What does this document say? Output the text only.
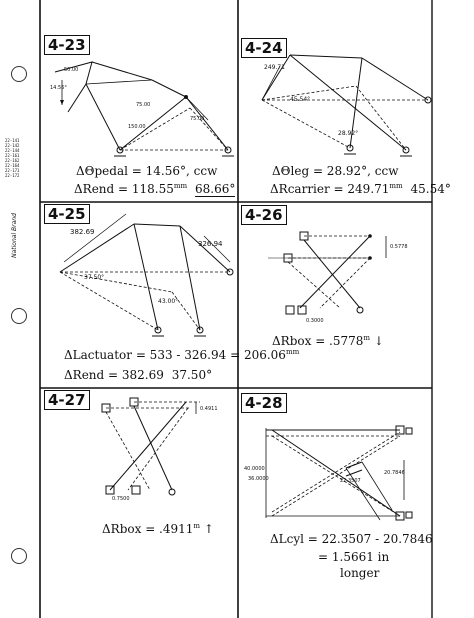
22-141
22-142
22-144
22-161
22-162
22-164
22-171
22-172

National Brand
4-23
50.00
75.00
150.00
75.00
14.56°
ΔΘpedal = 14.56°, ccw
ΔRend = $118.55^{mm}$ 68.66°
4-24
249.71
45.54°
28.92°
ΔΘleg = 28.92°, ccw
ΔRcarrier = $249.71^{mm}$ 45.54°
4-25
382.69
326.94
37.50°
43.00°
ΔLactuator = $533 - 326.94 = 206.06^{mm}$
ΔRend = 382.69 37.50°
4-26
0.5778
0.3000
ΔRbox = $.5778^m$ ↓
4-27	0.4911
0.7500
ΔRbox = $.4911^m$ ↑
4-28
40.0000
36.0000	22.3507
20.7846
ΔLcyl = 22.3507 - 20.7846
= 1.5661 in
longer
